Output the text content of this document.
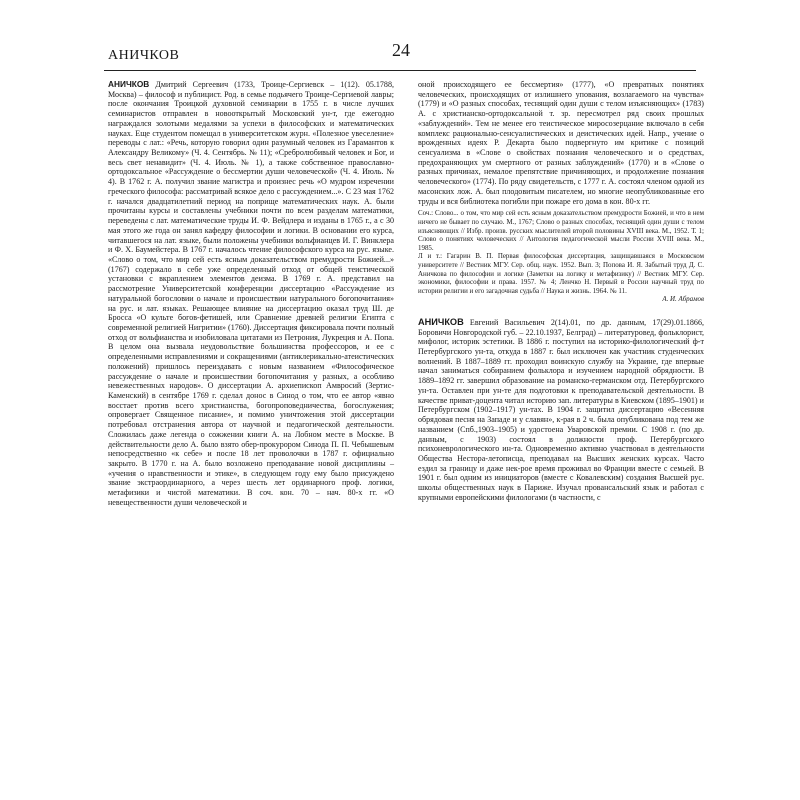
АНИЧКОВ	24

АНИЧКОВ Дмитрий Сергеевич (1733, Троице-Сергиевск – 1(12). 05.1788, Москва) – философ и публицист. Род. в семье подьячего Троице-Сергиевой лавры; после окончания Троицкой духовной семинарии в 1755 г. в числе лучших семинаристов отправлен в новооткрытый Московский ун-т, где ежегодно награждался золотыми медалями за успехи в философских и математических науках. Еще студентом помещал в университетском журн. «Полезное увеселение» переводы с лат.: «Речь, которую говорил один разумный человек из Гарамантов к Александру Великому» (Ч. 4. Сентябрь. № 11); «Сребролюбивый человек и Бог, и весь свет ненавидит» (Ч. 4. Июль. № 1), а также собственное православно-ортодоксальное «Рассуждение о бессмертии души человеческой» (Ч. 4. Июль. № 4). В 1762 г. А. получил звание магистра и произнес речь «О мудром изречении греческого философа: рассматривай всякое дело с рассуждением...». С 23 мая 1762 г. начался двадцатилетний период на поприще математических наук. А. были прочитаны курсы и составлены учебники почти по всем разделам математики, переведены с лат. математические труды И. Ф. Вейдлера и изданы в 1765 г., а с 30 мая этого же года он занял кафедру философии и логики. В основании его курса, читавшегося на лат. языке, были положены учебники вольфианцев И. Г. Винклера и Ф. Х. Баумейстера. В 1767 г. началось чтение философского курса на рус. языке. «Слово о том, что мир сей есть ясным доказательством премудрости Божией...» (1767) содержало в себе уже определенный отход от общей теистической установки с вкраплением элементов деизма. В 1769 г. А. представил на рассмотрение Университетской конференции диссертацию «Рассуждение из натуральной богословии о начале и происшествии натурального богопочитания» на рус. и лат. языках. Решающее влияние на диссертацию оказал труд Ш. де Бросса «О культе богов-фетишей, или Сравнение древней религии Египта с современной религией Нигритии» (1760). Диссертация фиксировала почти полный отход от вольфианства и изобиловала цитатами из Петрония, Лукреция и А. Попа. В целом она вызвала неудовольствие большинства профессоров, и ее с определенными исправлениями и сокращениями (антиклерикально-атеистических положений) пришлось переиздавать с новым названием «Философическое рассуждение о начале и происшествии богопочитания у разных, а особливо невежественных народов». О диссертации А. архиепископ Амвросий (Зертис-Каменский) в сентябре 1769 г. сделал донос в Синод о том, что ее автор «явно восстает против всего христианства, богопроповедничества, богослужения; опровергает Священное писание», и помимо уничтожения этой диссертации потребовал отстранения автора от научной и педагогической деятельности. Сложилась даже легенда о сожжении книги А. на Лобном месте в Москве. В действительности дело А. было взято обер-прокурором Синода П. П. Чебышевым непосредственно «к себе» и после 18 лет проволочки в 1787 г. официально закрыто. В 1770 г. на А. было возложено преподавание новой дисциплины – «учения о нравственности и этике», в следующем году ему было присуждено звание экстраординарного, а через шесть лет ординарного проф. логики, метафизики и чистой математики. В соч. кон. 70 – нач. 80-х гг. «О невещественности души человеческой и

оной происходящего ее бессмертия» (1777), «О превратных понятиях человеческих, происходящих от излишнего упования, возлагаемого на чувства» (1779) и «О разных способах, теснящий один души с телом изъясняющих» (1783) А. с христианско-ортодоксальной т. зр. пересмотрел ряд своих прошлых «заблуждений». Тем не менее его теистическое миросозерцание включало в себя комплекс рационально-сенсуалистических и деистических идей. Напр., учение о врожденных идеях Р. Декарта было подвергнуто им критике с позиций сенсуализма в «Слове о свойствах познания человеческого и о средствах, предохраняющих ум смертного от разных заблуждений» (1770) и в «Слове о разных причинах, немалое препятствие причиняющих, и продолжение познания человеческого» (1774). По ряду свидетельств, с 1777 г. А. состоял членом одной из масонских лож. А. был плодовитым писателем, но многие неопубликованные его труды и вся библиотека погибли при пожаре его дома в кон. 80-х гг.

Соч.: Слово... о том, что мир сей есть ясным доказательством премудрости Божией, и что в нем ничего не бывает по случаю. М., 1767; Слово о разных способах, теснящий один души с телом изъясняющих // Избр. произв. русских мыслителей второй половины XVIII века. М., 1952. Т. 1; Слово о понятиях человеческих // Антология педагогической мысли России XVIII века. М., 1985.

Л и т.: Гагарин В. П. Первая философская диссертация, защищавшаяся в Московском университете // Вестник МГУ. Сер. общ. наук. 1952. Вып. 3; Попова И. Я. Забытый труд Д. С. Аничкова по философии и логике (Заметки на логику и метафизику) // Вестник МГУ. Сер. экономики, философии и права. 1957. № 4; Ленчко Н. Первый в России научный труд по истории религии и его загадочная судьба // Наука и жизнь. 1964. № 11.

А. И. Абрамов

АНИЧКОВ Евгений Васильевич 2(14).01, по др. данным, 17(29).01.1866, Боровичи Новгородской губ. – 22.10.1937, Белград) – литературовед, фольклорист, мифолог, историк эстетики. В 1886 г. поступил на историко-филологический ф-т Петербургского ун-та, откуда в 1887 г. был исключен как участник студенческих волнений. В 1887–1889 гг. проходил воинскую службу на Украине, где впервые начал заниматься собиранием фольклора и изучением народной обрядности. В 1889–1892 гг. завершил образование на романско-германском отд. Петербургского ун-та. Оставлен при ун-те для подготовки к преподавательской деятельности. В качестве приват-доцента читал историю зап. литературы в Киевском (1895–1901) и Петербургском (1902–1917) ун-тах. В 1904 г. защитил диссертацию «Весенняя обрядовая песня на Западе и у славян», к-рая в 2 ч. была опубликована под тем же названием (Спб.,1903–1905) и удостоена Уваровской премии. С 1908 г. (по др. данным, с 1903) состоял в должности проф. Петербургского психоневрологического ин-та. Одновременно активно участвовал в деятельности Общества Нестора-летописца, преподавал на Высших женских курсах. Часто ездил за границу и даже нек-рое время проживал во Франции вместе с семьей. В 1901 г. был одним из инициаторов (вместе с Ковалевским) создания Высшей рус. школы общественных наук в Париже. Изучал провансальский язык и работал с крупными европейскими филологами (в частности, с
